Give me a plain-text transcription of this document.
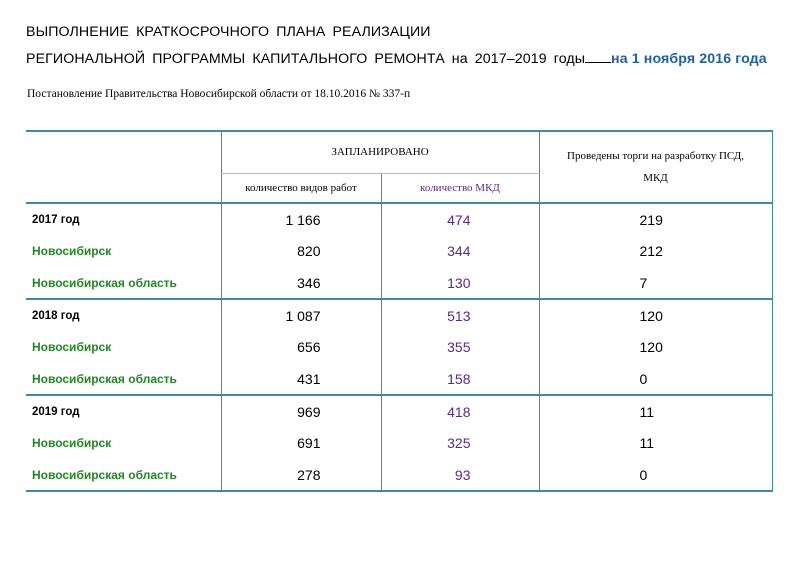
ВЫПОЛНЕНИЕ КРАТКОСРОЧНОГО ПЛАНА РЕАЛИЗАЦИИ
РЕГИОНАЛЬНОЙ ПРОГРАММЫ КАПИТАЛЬНОГО РЕМОНТА на 2017–2019 годы на 1 ноября 2016 года
Постановление Правительства Новосибирской области от 18.10.2016 № 337-п
	ЗАПЛАНИРОВАНО		Проведены торги на разработку ПСД,
МКД
	количество видов работ	количество МКД	
2017 год	1 166	474	219
Новосибирск	820	344	212
Новосибирская область	346	130	7
2018 год	1 087	513	120
Новосибирск	656	355	120
Новосибирская область	431	158	0
2019 год	969	418	11
Новосибирск	691	325	11
Новосибирская область	278	93	0
